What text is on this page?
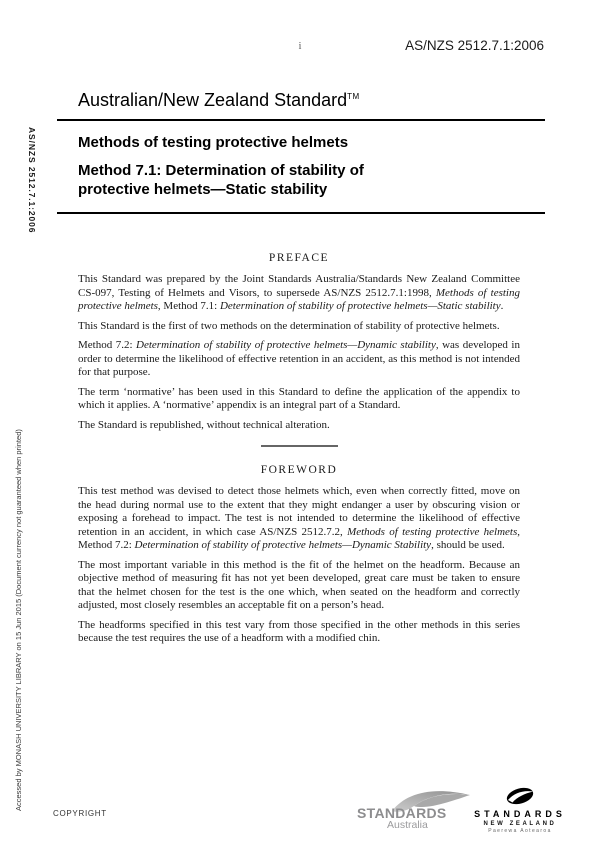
i	AS/NZS 2512.7.1:2006
AS/NZS 2512.7.1:2006
Accessed by MONASH UNIVERSITY LIBRARY on 15 Jun 2015 (Document currency not guaranteed when printed)
Australian/New Zealand Standard™
Methods of testing protective helmets
Method 7.1: Determination of stability of
protective helmets—Static stability
PREFACE

This Standard was prepared by the Joint Standards Australia/Standards New Zealand Committee CS-097, Testing of Helmets and Visors, to supersede AS/NZS 2512.7.1:1998, Methods of testing protective helmets, Method 7.1: Determination of stability of protective helmets—Static stability.

This Standard is the first of two methods on the determination of stability of protective helmets.

Method 7.2: Determination of stability of protective helmets—Dynamic stability, was developed in order to determine the likelihood of effective retention in an accident, as this method is not intended for that purpose.

The term ‘normative’ has been used in this Standard to define the application of the appendix to which it applies. A ‘normative’ appendix is an integral part of a Standard.

The Standard is republished, without technical alteration.

FOREWORD

This test method was devised to detect those helmets which, even when correctly fitted, move on the head during normal use to the extent that they might endanger a user by obscuring vision or exposing a forehead to impact. The test is not intended to determine the likelihood of effective retention in an accident, in which case AS/NZS 2512.7.2, Methods of testing protective helmets, Method 7.2: Determination of stability of protective helmets—Dynamic Stability, should be used.

The most important variable in this method is the fit of the helmet on the headform. Because an objective method of measuring fit has not yet been developed, great care must be taken to ensure that the helmet chosen for the test is the one which, when seated on the headform and correctly adjusted, most closely resembles an acceptable fit on a person’s head.

The headforms specified in this test vary from those specified in the other methods in this series because the test requires the use of a headform with a modified chin.

COPYRIGHT	STANDARDS
Australia
STANDARDS
NEW ZEALAND
Paerewa Aotearoa
